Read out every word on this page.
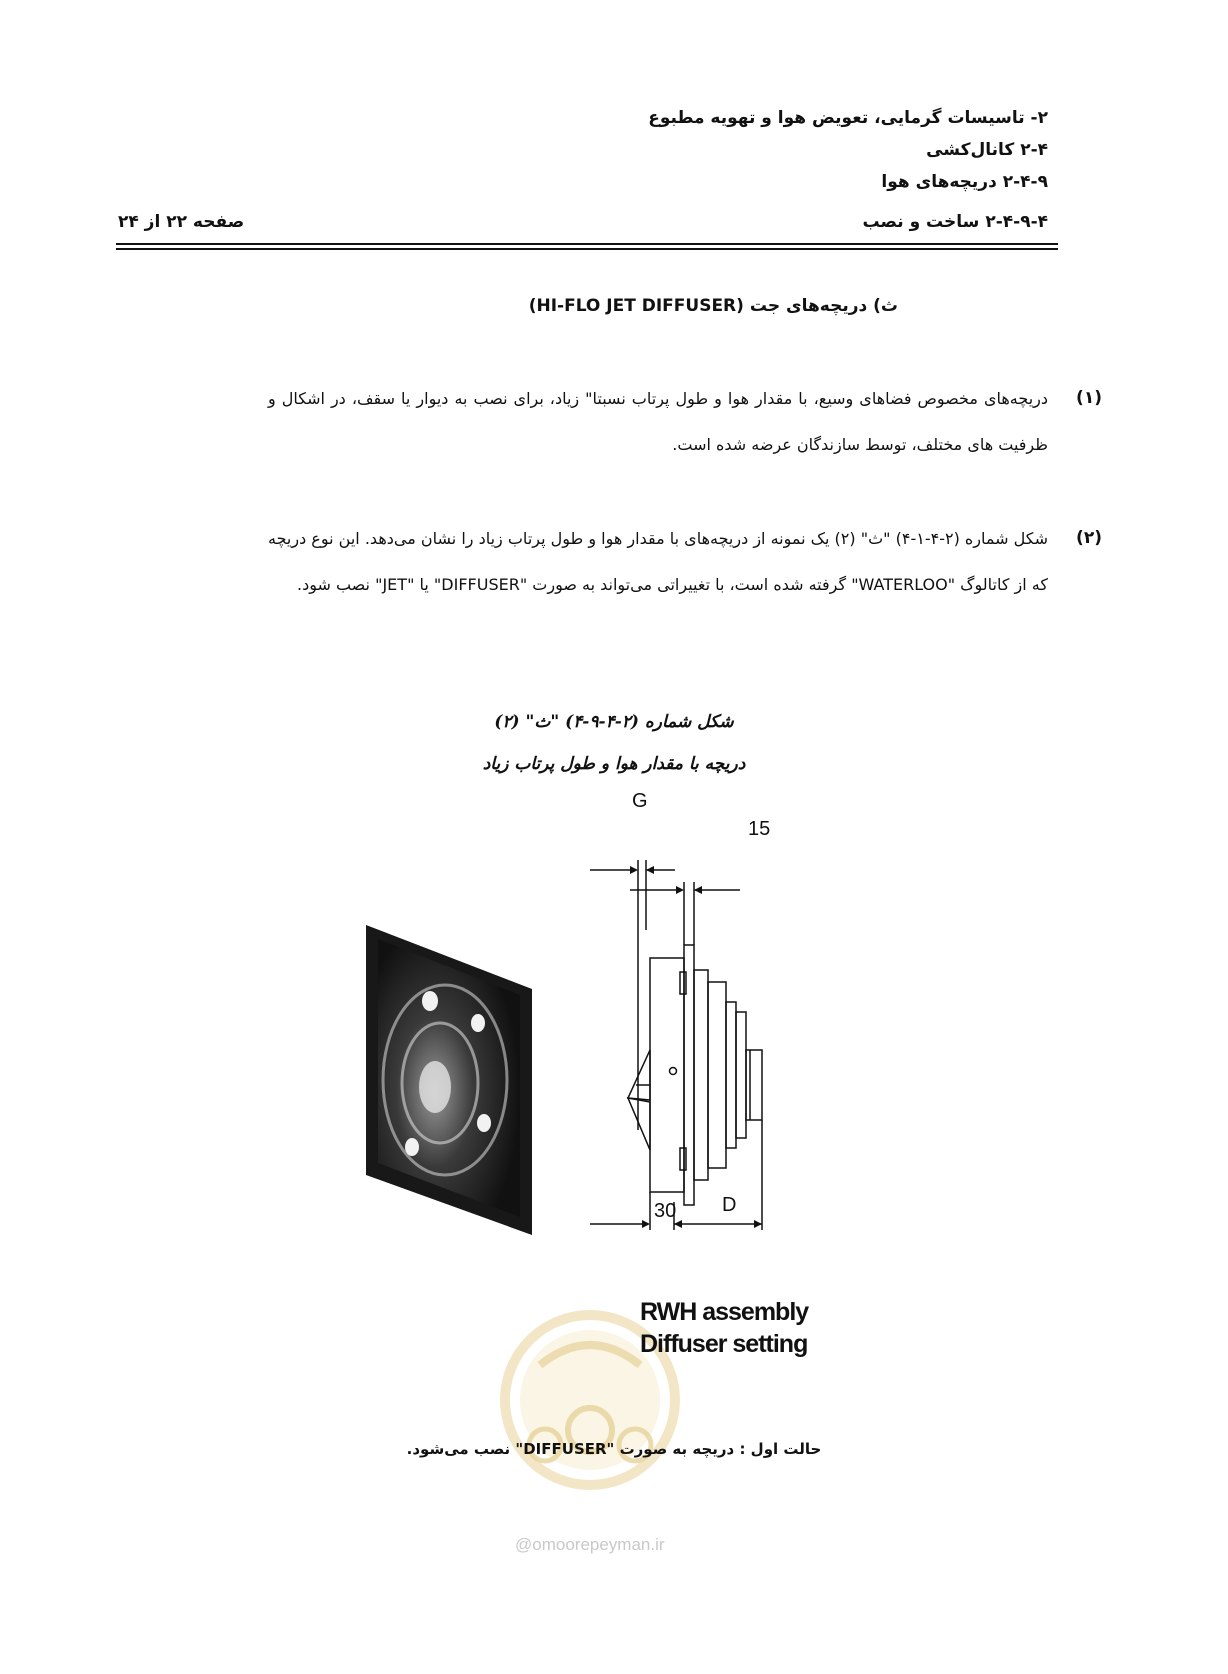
۲- تاسیسات گرمایی، تعویض هوا و تهویه مطبوع
۲-۴ کانال‌کشی
۲-۴-۹ دریچه‌های هوا
۲-۴-۹-۴ ساخت و نصب
صفحه ۲۲ از ۲۴
ث) دریچه‌های جت (HI-FLO JET DIFFUSER)
(۱)
دریچه‌های مخصوص فضاهای وسیع، با مقدار هوا و طول پرتاب نسبتا" زیاد، برای نصب به دیوار یا سقف، در اشکال و ظرفیت های مختلف، توسط سازندگان عرضه شده است.
(۲)
شکل شماره (۲-۴-۱-۴) "ث" (۲) یک نمونه از دریچه‌های با مقدار هوا و طول پرتاب زیاد را نشان می‌دهد. این نوع دریچه که از کاتالوگ "WATERLOO" گرفته شده است، با تغییراتی می‌تواند به صورت "DIFFUSER" یا "JET" نصب شود.
شکل شماره (۲-۴-۹-۴) "ث" (۲)
دریچه با مقدار هوا و طول پرتاب زیاد
@omoorepeyman.ir
G
15
30 D
RWH assembly
Diffuser setting
حالت اول : دریچه به صورت "DIFFUSER" نصب می‌شود.
